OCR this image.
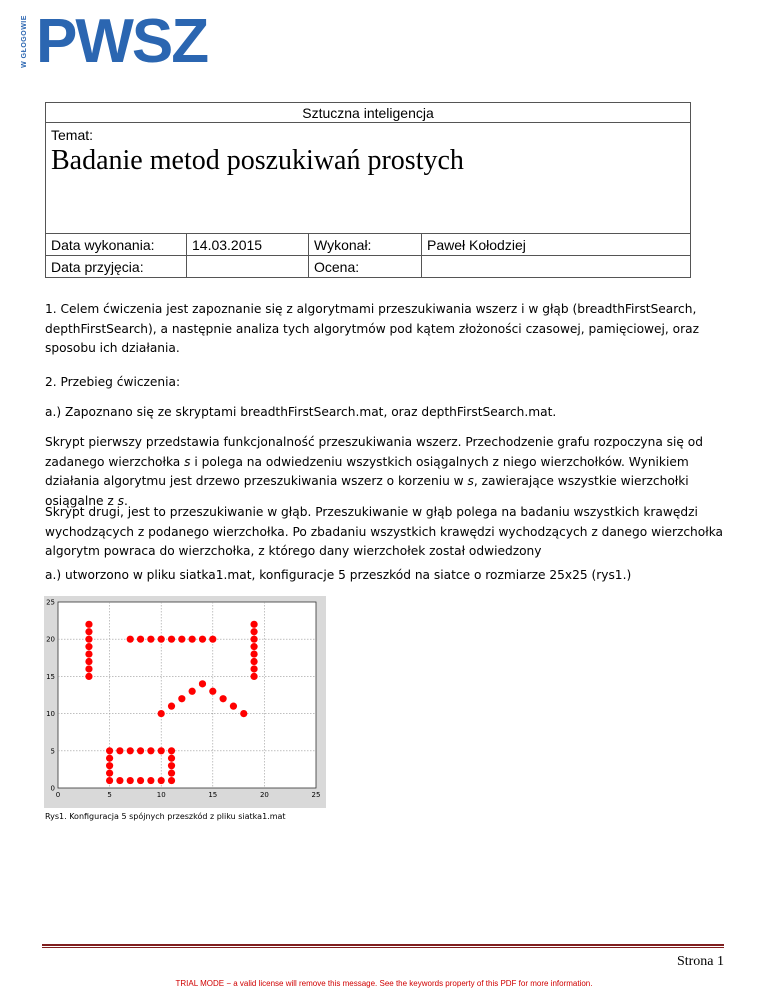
W GŁOGOWIE PWSZ
Sztuczna inteligencja			

Temat:
Badanie metod poszukiwań prostych			

Data wykonania:	14.03.2015	Wykonał:	Paweł Kołodziej
Data przyjęcia:		Ocena:	
1. Celem ćwiczenia jest zapoznanie się z algorytmami przeszukiwania wszerz i w głąb (breadthFirstSearch, depthFirstSearch), a następnie analiza tych algorytmów pod kątem złożoności czasowej, pamięciowej, oraz sposobu ich działania.
2. Przebieg ćwiczenia:
a.) Zapoznano się ze skryptami breadthFirstSearch.mat, oraz depthFirstSearch.mat.
Skrypt pierwszy przedstawia funkcjonalność przeszukiwania wszerz. Przechodzenie grafu rozpoczyna się od zadanego wierzchołka s i polega na odwiedzeniu wszystkich osiągalnych z niego wierzchołków. Wynikiem działania algorytmu jest drzewo przeszukiwania wszerz o korzeniu w s, zawierające wszystkie wierzchołki osiągalne z s.
Skrypt drugi, jest to przeszukiwanie w głąb. Przeszukiwanie w głąb polega na badaniu wszystkich krawędzi wychodzących z podanego wierzchołka. Po zbadaniu wszystkich krawędzi wychodzących z danego wierzchołka algorytm powraca do wierzchołka, z którego dany wierzchołek został odwiedzony
a.) utworzono w pliku siatka1.mat, konfiguracje 5 przeszkód na siatce o rozmiarze 25x25 (rys1.)
0	5	10	15	20	25
0
5
10
15
20
25
Rys1. Konfiguracja 5 spójnych przeszkód z pliku siatka1.mat
Strona 1
TRIAL MODE − a valid license will remove this message. See the keywords property of this PDF for more information.
